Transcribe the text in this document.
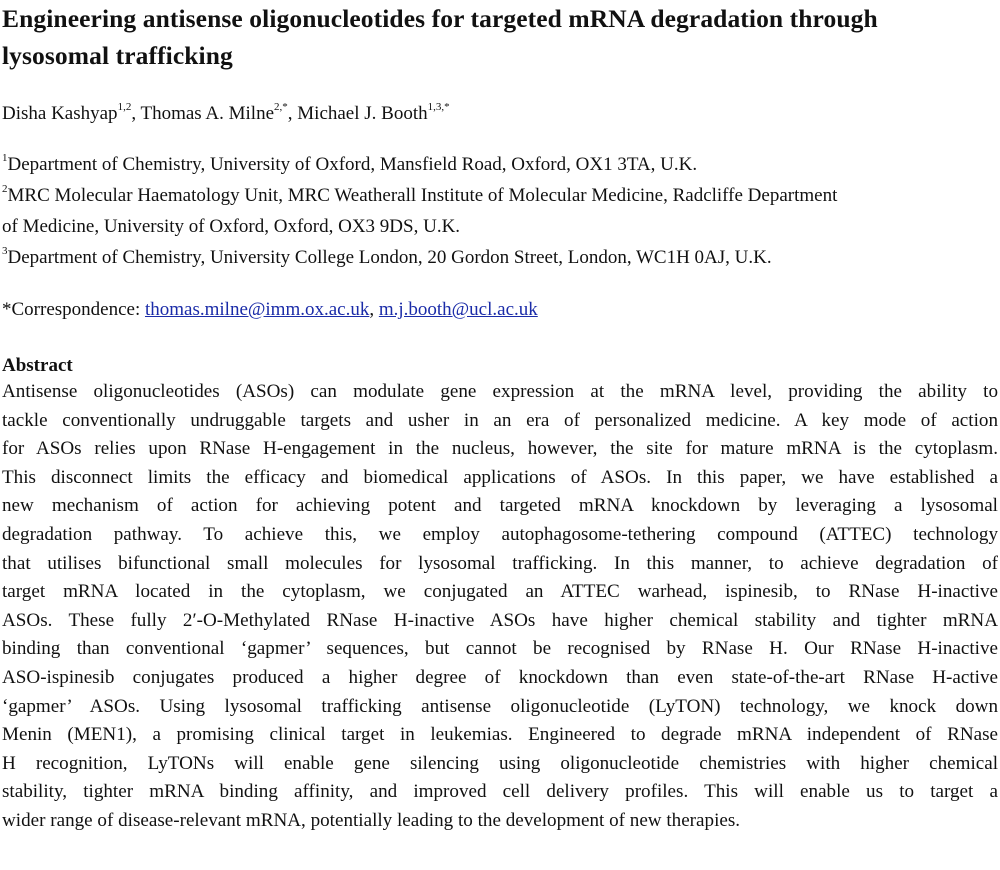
Engineering antisense oligonucleotides for targeted mRNA degradation through
lysosomal trafficking
Disha Kashyap$^{1,2}$, Thomas A. Milne$^{2,*}$, Michael J. Booth$^{1,3,*}$
$^1$Department of Chemistry, University of Oxford, Mansfield Road, Oxford, OX1 3TA, U.K.
$^2$MRC Molecular Haematology Unit, MRC Weatherall Institute of Molecular Medicine, Radcliffe Department
of Medicine, University of Oxford, Oxford, OX3 9DS, U.K.
$^3$Department of Chemistry, University College London, 20 Gordon Street, London, WC1H 0AJ, U.K.
*Correspondence: thomas.milne@imm.ox.ac.uk, m.j.booth@ucl.ac.uk
Abstract
Antisense oligonucleotides (ASOs) can modulate gene expression at the mRNA level, providing the ability to
tackle conventionally undruggable targets and usher in an era of personalized medicine. A key mode of action
for ASOs relies upon RNase H-engagement in the nucleus, however, the site for mature mRNA is the cytoplasm.
This disconnect limits the efficacy and biomedical applications of ASOs. In this paper, we have established a
new mechanism of action for achieving potent and targeted mRNA knockdown by leveraging a lysosomal
degradation pathway. To achieve this, we employ autophagosome-tethering compound (ATTEC) technology
that utilises bifunctional small molecules for lysosomal trafficking. In this manner, to achieve degradation of
target mRNA located in the cytoplasm, we conjugated an ATTEC warhead, ispinesib, to RNase H-inactive
ASOs. These fully 2′-O-Methylated RNase H-inactive ASOs have higher chemical stability and tighter mRNA
binding than conventional ‘gapmer’ sequences, but cannot be recognised by RNase H. Our RNase H-inactive
ASO-ispinesib conjugates produced a higher degree of knockdown than even state-of-the-art RNase H-active
‘gapmer’ ASOs. Using lysosomal trafficking antisense oligonucleotide (LyTON) technology, we knock down
Menin (MEN1), a promising clinical target in leukemias. Engineered to degrade mRNA independent of RNase
H recognition, LyTONs will enable gene silencing using oligonucleotide chemistries with higher chemical
stability, tighter mRNA binding affinity, and improved cell delivery profiles. This will enable us to target a
wider range of disease-relevant mRNA, potentially leading to the development of new therapies.
